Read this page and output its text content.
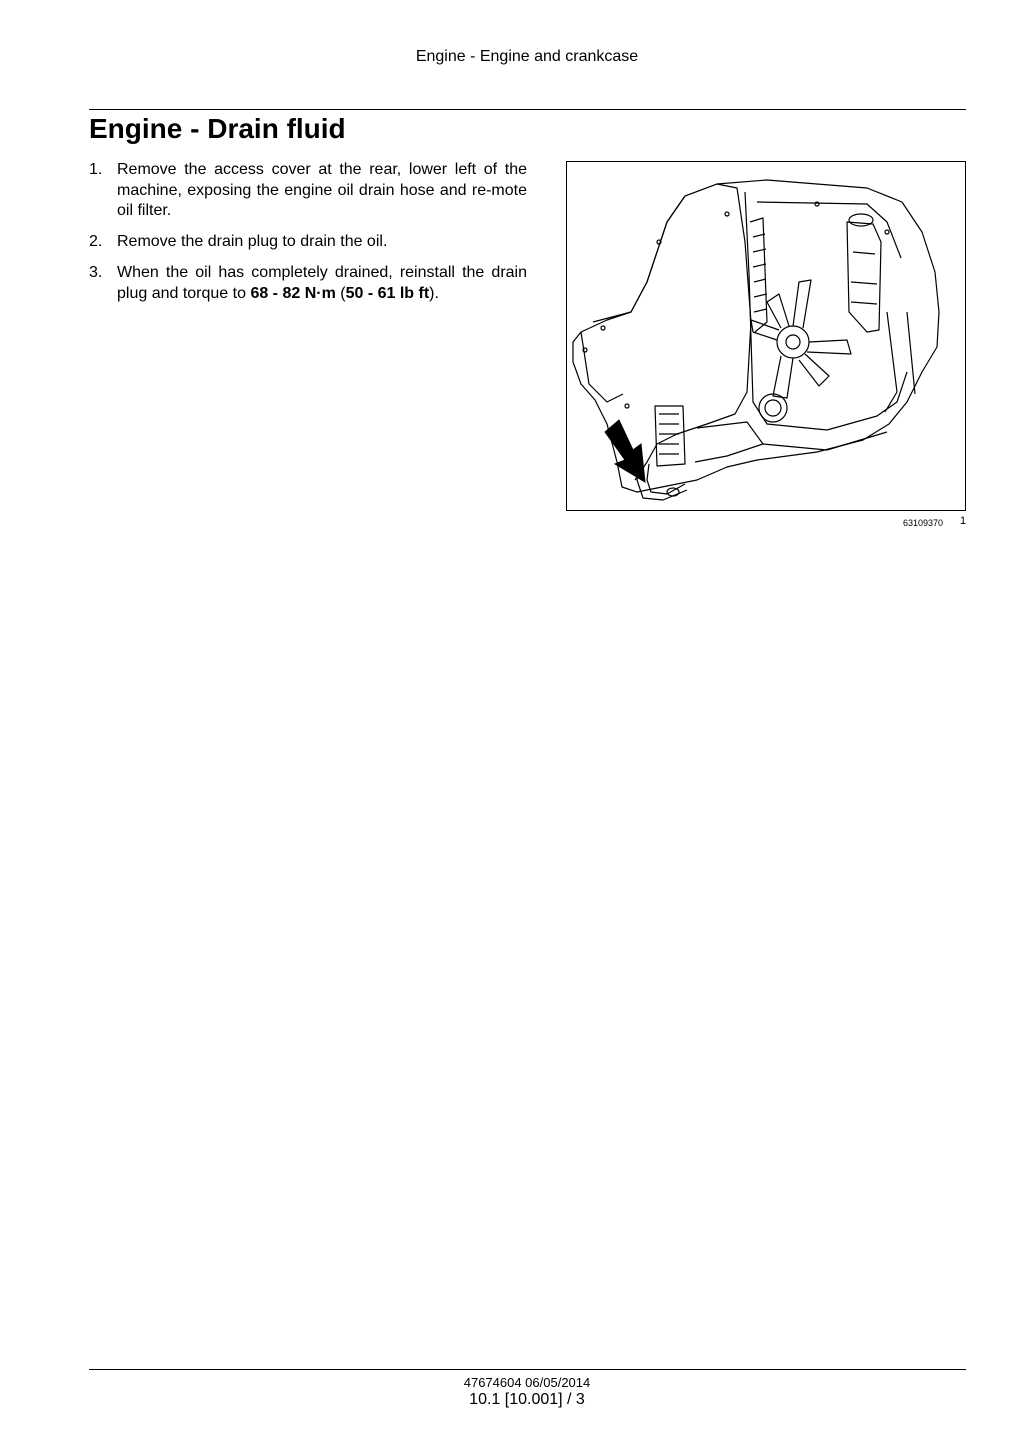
Engine - Engine and crankcase
Engine - Drain fluid
1. Remove the access cover at the rear, lower left of the machine, exposing the engine oil drain hose and re-mote oil filter.
2. Remove the drain plug to drain the oil.
3. When the oil has completely drained, reinstall the drain plug and torque to 68 - 82 N·m (50 - 61 lb ft).
63109370 1
47674604 06/05/2014
10.1 [10.001] / 3
